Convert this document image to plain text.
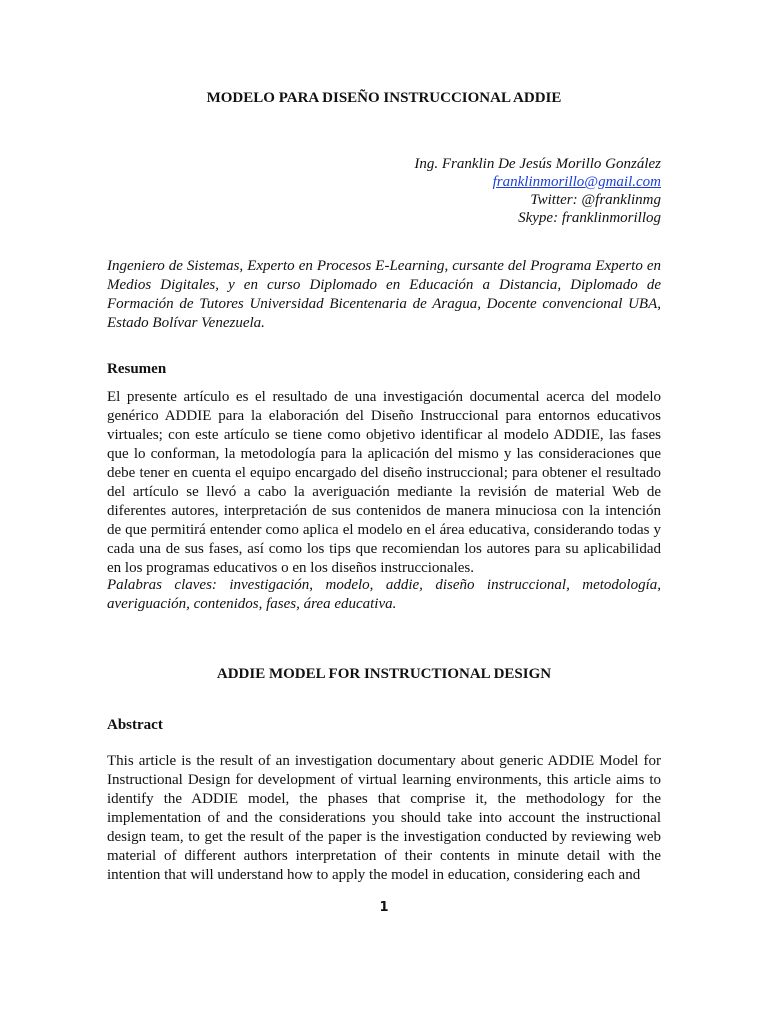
MODELO PARA DISEÑO INSTRUCCIONAL ADDIE
Ing. Franklin De Jesús Morillo González
franklinmorillo@gmail.com
Twitter: @franklinmg
Skype: franklinmorillog
Ingeniero de Sistemas, Experto en Procesos E-Learning, cursante del Programa Experto en Medios Digitales, y en curso Diplomado en Educación a Distancia, Diplomado de Formación de Tutores Universidad Bicentenaria de Aragua, Docente convencional UBA, Estado Bolívar Venezuela.
Resumen
El presente artículo es el resultado de una investigación documental acerca del modelo genérico ADDIE para la elaboración del Diseño Instruccional para entornos educativos virtuales; con este artículo se tiene como objetivo identificar al modelo ADDIE, las fases que lo conforman, la metodología para la aplicación del mismo y las consideraciones que debe tener en cuenta el equipo encargado del diseño instruccional; para obtener el resultado del artículo se llevó a cabo la averiguación mediante la revisión de material Web de diferentes autores, interpretación de sus contenidos de manera minuciosa con la intención de que permitirá entender como aplica el modelo en el área educativa, considerando todas y cada una de sus fases, así como los tips que recomiendan los autores para su aplicabilidad en los programas educativos o en los diseños instruccionales.
Palabras claves: investigación, modelo, addie, diseño instruccional, metodología, averiguación, contenidos, fases, área educativa.
ADDIE MODEL FOR INSTRUCTIONAL DESIGN
Abstract
This article is the result of an investigation documentary about generic ADDIE Model for Instructional Design for development of virtual learning environments, this article aims to identify the ADDIE model, the phases that comprise it, the methodology for the implementation of and the considerations you should take into account the instructional design team, to get the result of the paper is the investigation conducted by reviewing web material of different authors interpretation of their contents in minute detail with the intention that will understand how to apply the model in education, considering each and
1
